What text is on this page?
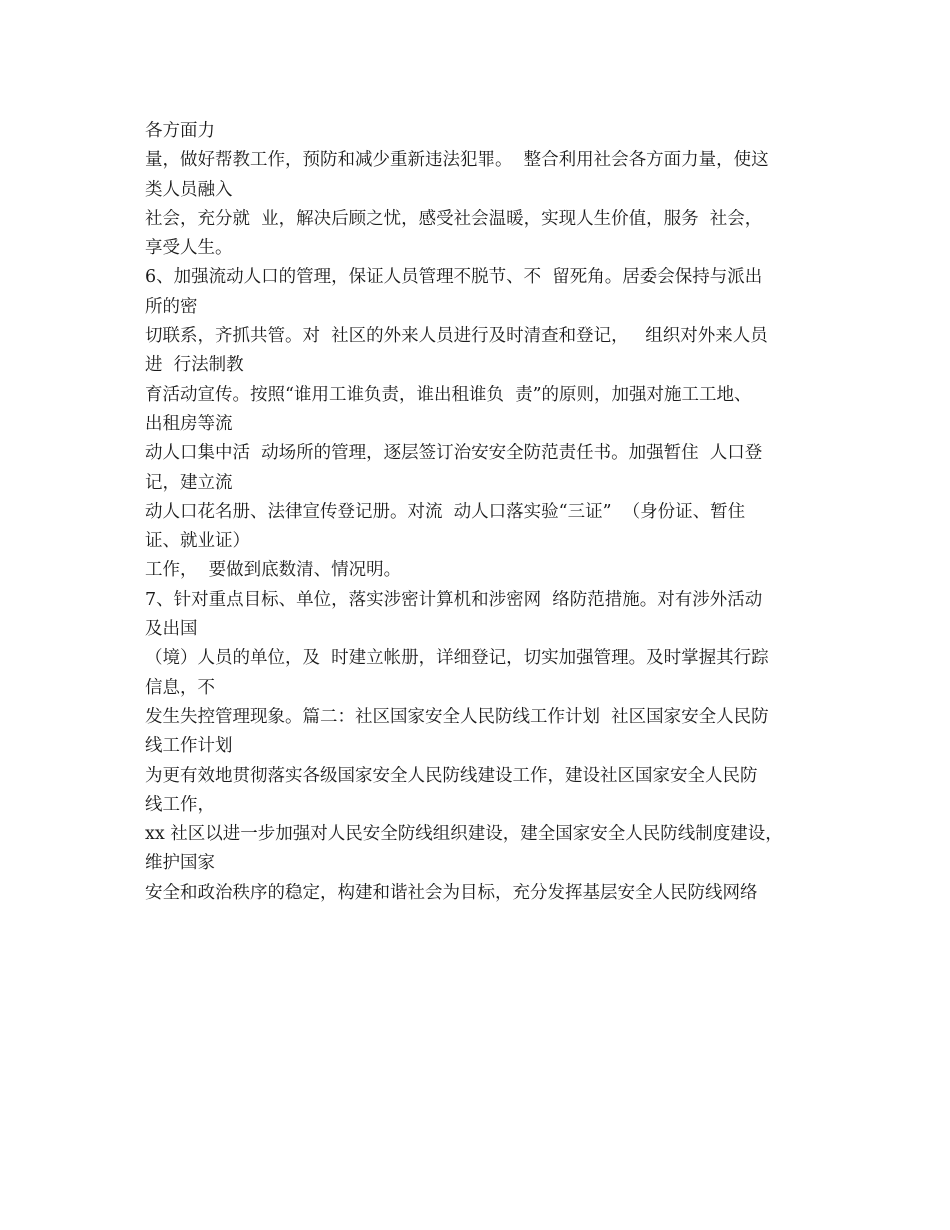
各方面力
量，做好帮教工作，预防和减少重新违法犯罪。  整合利用社会各方面力量，使这
类人员融入
社会，充分就  业，解决后顾之忧，感受社会温暖，实现人生价值，服务  社会，
享受人生。
6、加强流动人口的管理，保证人员管理不脱节、不  留死角。居委会保持与派出
所的密
切联系，齐抓共管。对  社区的外来人员进行及时清查和登记，   组织对外来人员
进  行法制教
育活动宣传。按照“谁用工谁负责，谁出租谁负  责”的原则，加强对施工工地、
出租房等流
动人口集中活  动场所的管理，逐层签订治安安全防范责任书。加强暂住  人口登
记，建立流
动人口花名册、法律宣传登记册。对流  动人口落实验“三证”  （身份证、暂住
证、就业证）
工作，  要做到底数清、情况明。
7、针对重点目标、单位，落实涉密计算机和涉密网  络防范措施。对有涉外活动
及出国
（境）人员的单位，及  时建立帐册，详细登记，切实加强管理。及时掌握其行踪
信息，不
发生失控管理现象。篇二：社区国家安全人民防线工作计划  社区国家安全人民防
线工作计划
为更有效地贯彻落实各级国家安全人民防线建设工作，建设社区国家安全人民防
线工作，
xx 社区以进一步加强对人民安全防线组织建设，建全国家安全人民防线制度建设，
维护国家
安全和政治秩序的稳定，构建和谐社会为目标，充分发挥基层安全人民防线网络
